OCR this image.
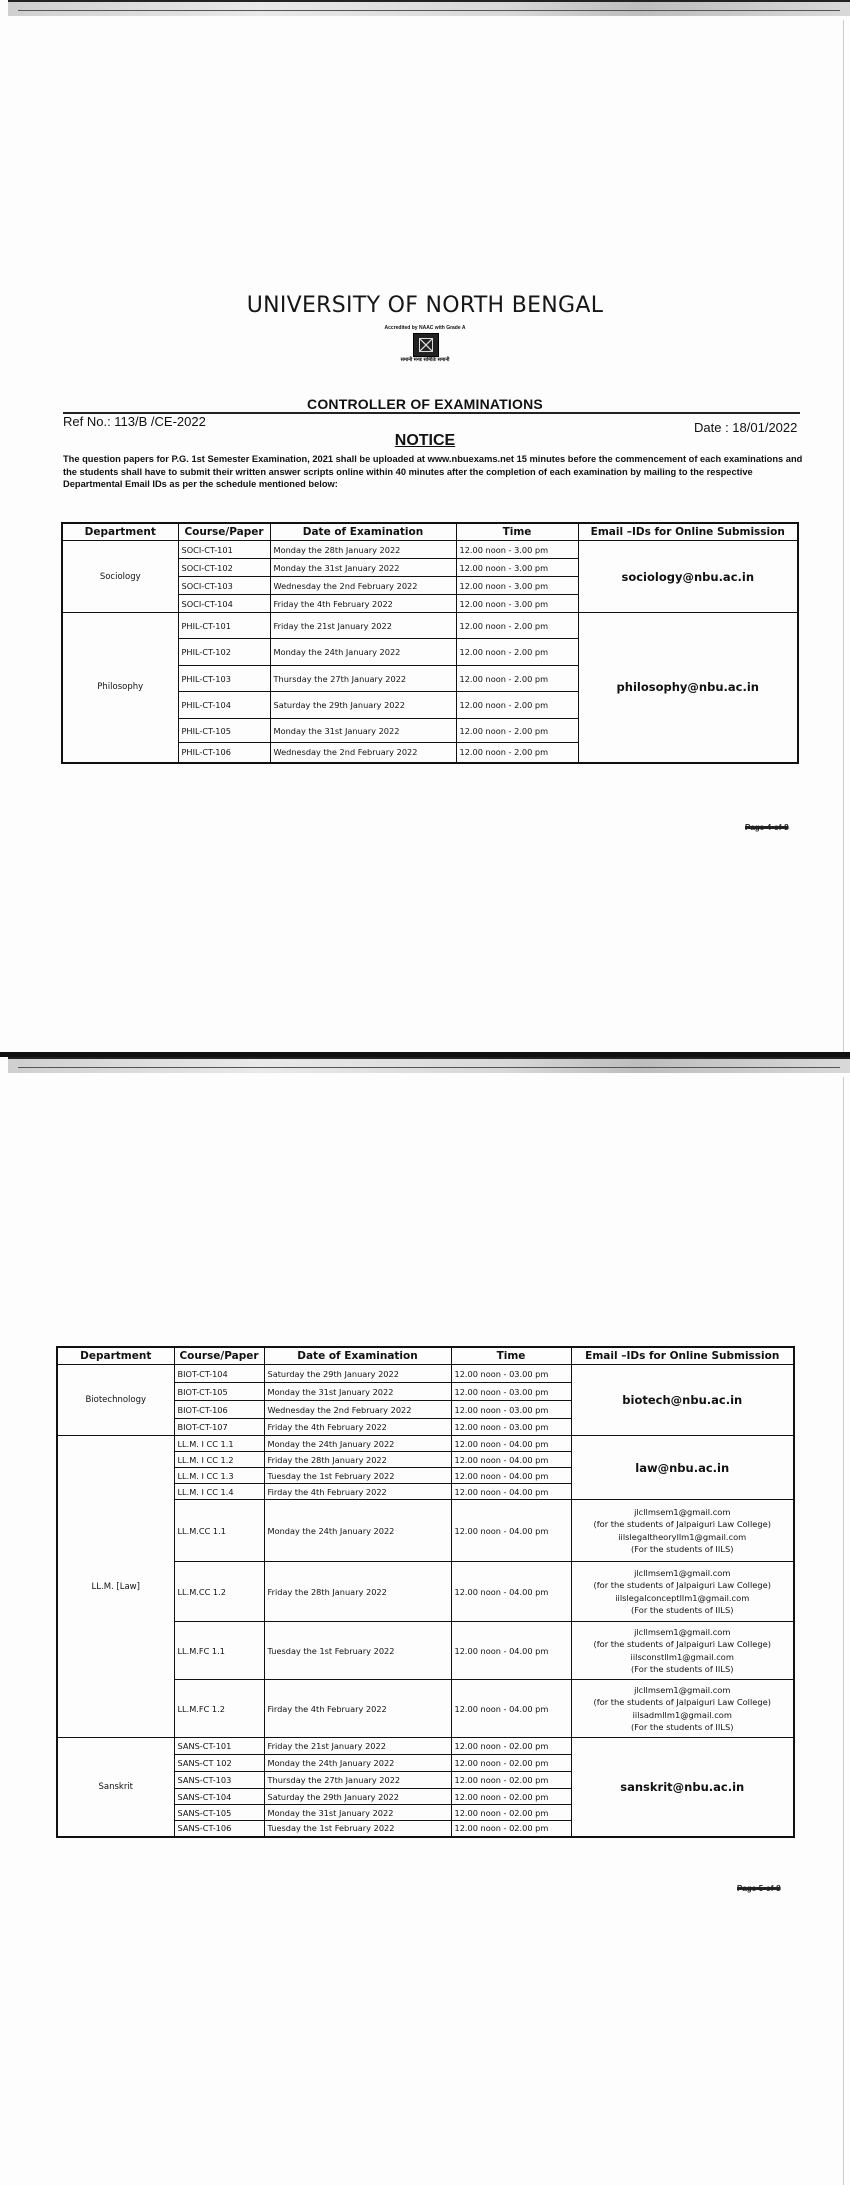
UNIVERSITY OF NORTH BENGAL
Accredited by NAAC with Grade A
समानी मन्त्रः समितिः समानी
CONTROLLER OF EXAMINATIONS
Ref No.: 113/B /CE-2022	Date : 18/01/2022
NOTICE
The question papers for P.G. 1st Semester Examination, 2021 shall be uploaded at www.nbuexams.net 15 minutes before the commencement of each examinations and the students shall have to submit their written answer scripts online within 40 minutes after the completion of each examination by mailing to the respective Departmental Email IDs as per the schedule mentioned below:
Department	Course/Paper	Date of Examination	Time	Email –IDs for Online Submission
Sociology	SOCI-CT-101	Monday the 28th January 2022	12.00 noon - 3.00 pm	sociology@nbu.ac.in
	SOCI-CT-102	Monday the 31st January 2022	12.00 noon - 3.00 pm	
	SOCI-CT-103	Wednesday the 2nd February 2022	12.00 noon - 3.00 pm	
	SOCI-CT-104	Friday the 4th February 2022	12.00 noon - 3.00 pm	
Philosophy	PHIL-CT-101	Friday the 21st January 2022	12.00 noon - 2.00 pm	philosophy@nbu.ac.in
	PHIL-CT-102	Monday the 24th January 2022	12.00 noon - 2.00 pm	
	PHIL-CT-103	Thursday the 27th January 2022	12.00 noon - 2.00 pm	
	PHIL-CT-104	Saturday the 29th January 2022	12.00 noon - 2.00 pm	
	PHIL-CT-105	Monday the 31st January 2022	12.00 noon - 2.00 pm	
	PHIL-CT-106	Wednesday the 2nd February 2022	12.00 noon - 2.00 pm	
Page-4-of-8
Department	Course/Paper	Date of Examination	Time	Email –IDs for Online Submission
Biotechnology	BIOT-CT-104	Saturday the 29th January 2022	12.00 noon - 03.00 pm	biotech@nbu.ac.in
	BIOT-CT-105	Monday the 31st January 2022	12.00 noon - 03.00 pm	
	BIOT-CT-106	Wednesday the 2nd February 2022	12.00 noon - 03.00 pm	
	BIOT-CT-107	Friday the 4th February 2022	12.00 noon - 03.00 pm	
LL.M. [Law]	LL.M. I CC 1.1	Monday the 24th January 2022	12.00 noon - 04.00 pm	law@nbu.ac.in
	LL.M. I CC 1.2	Friday the 28th January 2022	12.00 noon - 04.00 pm	
	LL.M. I CC 1.3	Tuesday the 1st February 2022	12.00 noon - 04.00 pm	
	LL.M. I CC 1.4	Firday the 4th February 2022	12.00 noon - 04.00 pm	
	LL.M.CC 1.1	Monday the 24th January 2022	12.00 noon - 04.00 pm	jlcllmsem1@gmail.com
(for the students of Jalpaiguri Law College)
iilslegaltheoryllm1@gmail.com
(For the students of IILS)

	LL.M.CC 1.2	Friday the 28th January 2022	12.00 noon - 04.00 pm	jlcllmsem1@gmail.com
(for the students of Jalpaiguri Law College)
iilslegalconceptllm1@gmail.com
(For the students of IILS)

	LL.M.FC 1.1	Tuesday the 1st February 2022	12.00 noon - 04.00 pm	jlcllmsem1@gmail.com
(for the students of Jalpaiguri Law College)
iilsconstllm1@gmail.com
(For the students of IILS)

	LL.M.FC 1.2	Firday the 4th February 2022	12.00 noon - 04.00 pm	jlcllmsem1@gmail.com
(for the students of Jalpaiguri Law College)
iilsadmllm1@gmail.com
(For the students of IILS)

Sanskrit	SANS-CT-101	Friday the 21st January 2022	12.00 noon - 02.00 pm	sanskrit@nbu.ac.in
	SANS-CT 102	Monday the 24th January 2022	12.00 noon - 02.00 pm	
	SANS-CT-103	Thursday the 27th January 2022	12.00 noon - 02.00 pm	
	SANS-CT-104	Saturday the 29th January 2022	12.00 noon - 02.00 pm	
	SANS-CT-105	Monday the 31st January 2022	12.00 noon - 02.00 pm	
	SANS-CT-106	Tuesday the 1st February 2022	12.00 noon - 02.00 pm	
Page-5-of-8
